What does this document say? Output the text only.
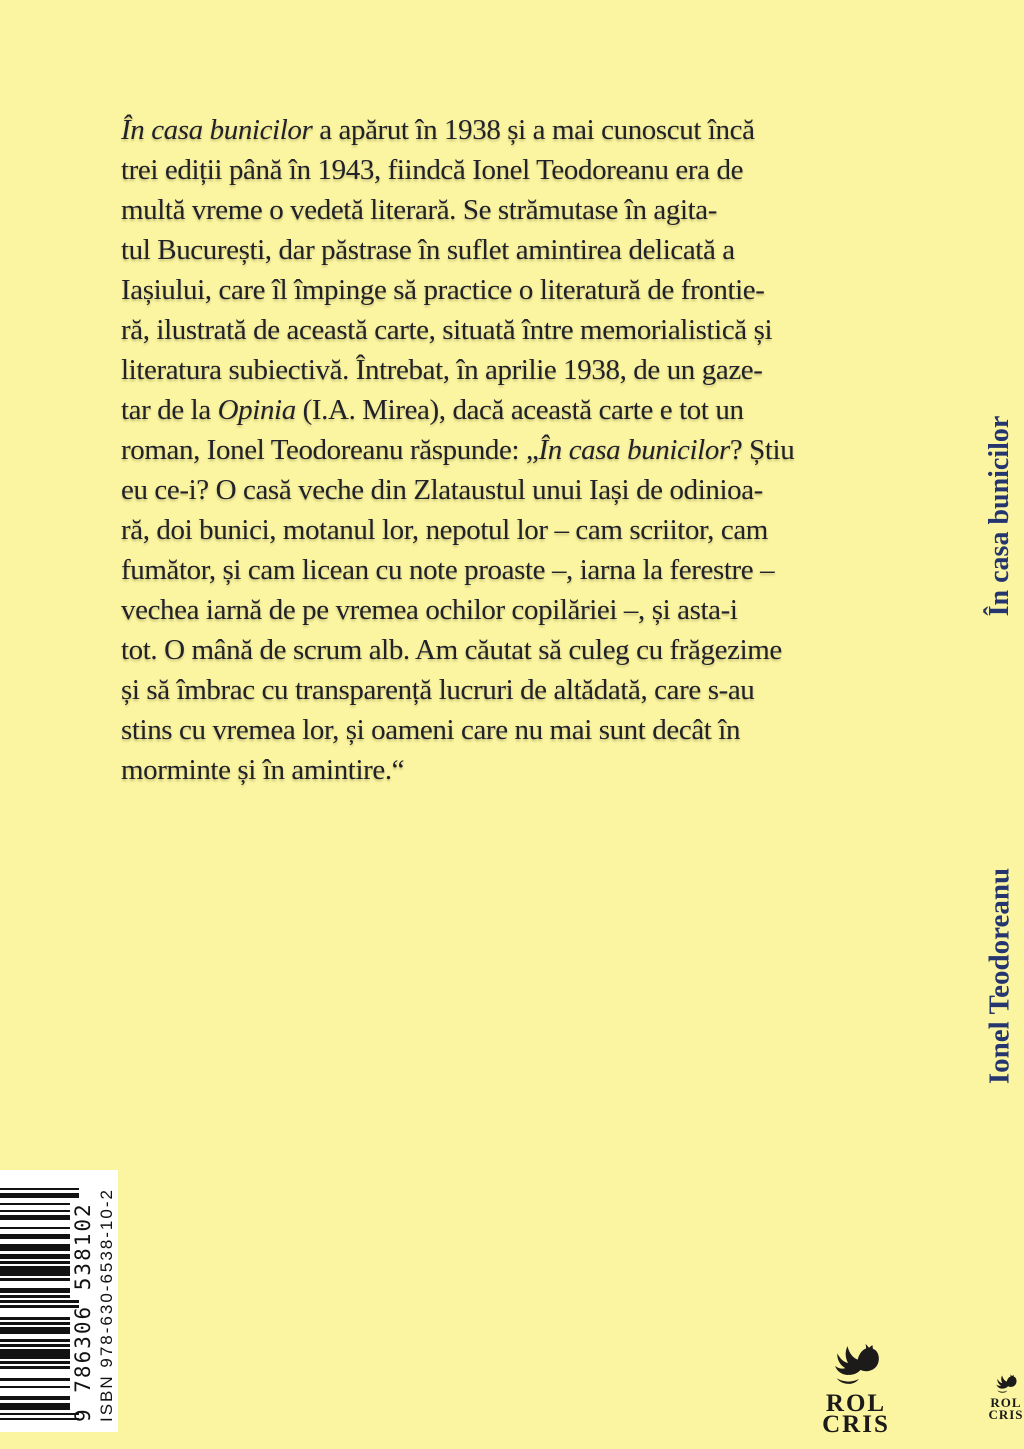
În casa bunicilor a apărut în 1938 și a mai cunoscut încă
trei ediții până în 1943, fiindcă Ionel Teodoreanu era de
multă vreme o vedetă literară. Se strămutase în agita-
tul București, dar păstrase în suflet amintirea delicată a
Iașiului, care îl împinge să practice o literatură de frontie-
ră, ilustrată de această carte, situată între memorialistică și
literatura subiectivă. Întrebat, în aprilie 1938, de un gaze-
tar de la Opinia (I.A. Mirea), dacă această carte e tot un
roman, Ionel Teodoreanu răspunde: „În casa bunicilor? Știu
eu ce-i? O casă veche din Zlataustul unui Iași de odinioa-
ră, doi bunici, motanul lor, nepotul lor – cam scriitor, cam
fumător, și cam licean cu note proaste –, iarna la ferestre –
vechea iarnă de pe vremea ochilor copilăriei –, și asta-i
tot. O mână de scrum alb. Am căutat să culeg cu frăgezime
și să îmbrac cu transparență lucruri de altădată, care s-au
stins cu vremea lor, și oameni care nu mai sunt decât în
morminte și în amintire.“
În casa bunicilor
Ionel Teodoreanu
ROL
CRIS
ROL
CRIS
9 786306 538102 ISBN 978-630-6538-10-2
